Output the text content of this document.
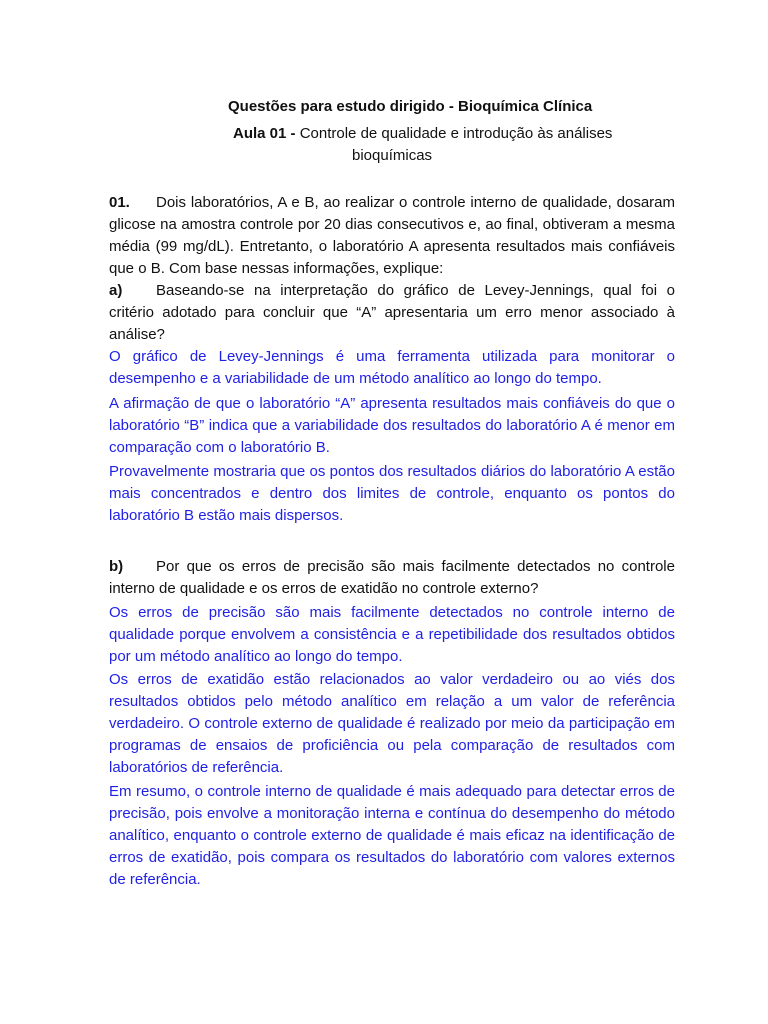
Questões para estudo dirigido - Bioquímica Clínica
Aula 01 - Controle de qualidade e introdução às análises
bioquímicas
01. Dois laboratórios, A e B, ao realizar o controle interno de qualidade, dosaram glicose na amostra controle por 20 dias consecutivos e, ao final, obtiveram a mesma média (99 mg/dL). Entretanto, o laboratório A apresenta resultados mais confiáveis que o B. Com base nessas informações, explique:
a) Baseando-se na interpretação do gráfico de Levey-Jennings, qual foi o critério adotado para concluir que “A” apresentaria um erro menor associado à análise?
O gráfico de Levey-Jennings é uma ferramenta utilizada para monitorar o desempenho e a variabilidade de um método analítico ao longo do tempo.
A afirmação de que o laboratório “A” apresenta resultados mais confiáveis do que o laboratório “B” indica que a variabilidade dos resultados do laboratório A é menor em comparação com o laboratório B.
Provavelmente mostraria que os pontos dos resultados diários do laboratório A estão mais concentrados e dentro dos limites de controle, enquanto os pontos do laboratório B estão mais dispersos.
b) Por que os erros de precisão são mais facilmente detectados no controle interno de qualidade e os erros de exatidão no controle externo?
Os erros de precisão são mais facilmente detectados no controle interno de qualidade porque envolvem a consistência e a repetibilidade dos resultados obtidos por um método analítico ao longo do tempo.
Os erros de exatidão estão relacionados ao valor verdadeiro ou ao viés dos resultados obtidos pelo método analítico em relação a um valor de referência verdadeiro. O controle externo de qualidade é realizado por meio da participação em programas de ensaios de proficiência ou pela comparação de resultados com laboratórios de referência.
Em resumo, o controle interno de qualidade é mais adequado para detectar erros de precisão, pois envolve a monitoração interna e contínua do desempenho do método analítico, enquanto o controle externo de qualidade é mais eficaz na identificação de erros de exatidão, pois compara os resultados do laboratório com valores externos de referência.
